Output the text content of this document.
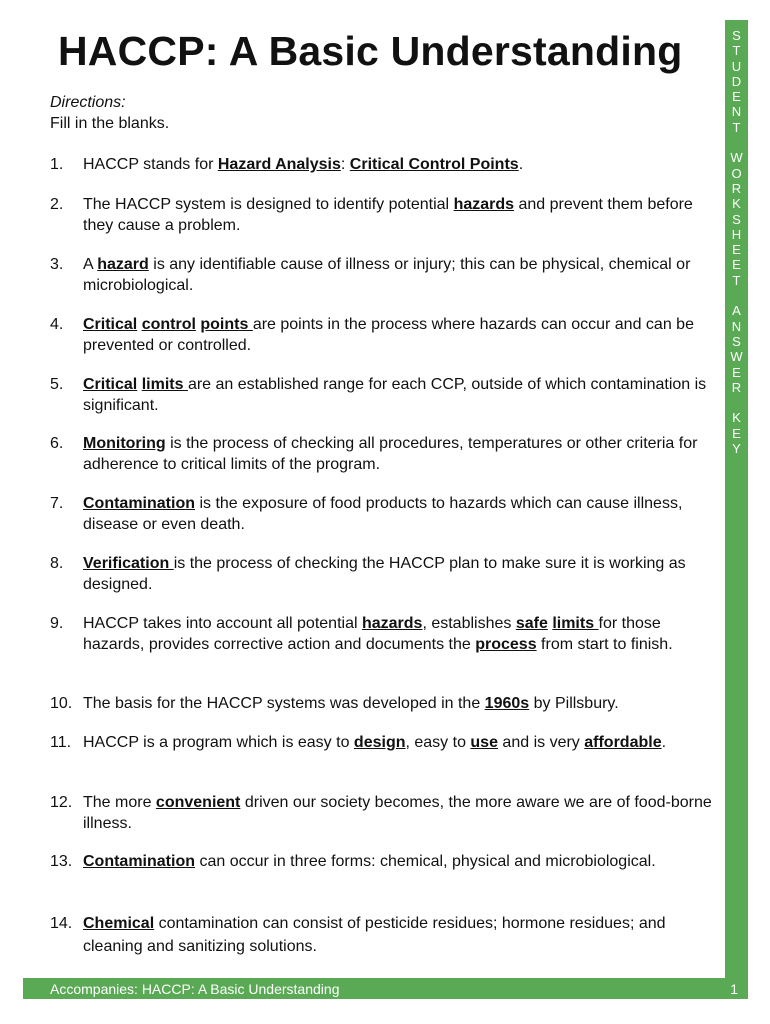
HACCP: A Basic Understanding
Directions:
Fill in the blanks.
1. HACCP stands for Hazard Analysis: Critical Control Points.
2. The HACCP system is designed to identify potential hazards and prevent them before they cause a problem.
3. A hazard is any identifiable cause of illness or injury; this can be physical, chemical or microbiological.
4. Critical control points are points in the process where hazards can occur and can be prevented or controlled.
5. Critical limits are an established range for each CCP, outside of which contamination is significant.
6. Monitoring is the process of checking all procedures, temperatures or other criteria for adherence to critical limits of the program.
7. Contamination is the exposure of food products to hazards which can cause illness, disease or even death.
8. Verification is the process of checking the HACCP plan to make sure it is working as designed.
9. HACCP takes into account all potential hazards, establishes safe limits for those hazards, provides corrective action and documents the process from start to finish.
10. The basis for the HACCP systems was developed in the 1960s by Pillsbury.
11. HACCP is a program which is easy to design, easy to use and is very affordable.
12. The more convenient driven our society becomes, the more aware we are of food-borne illness.
13. Contamination can occur in three forms: chemical, physical and microbiological.
14. Chemical contamination can consist of pesticide residues; hormone residues; and cleaning and sanitizing solutions.
S
T
U
D
E
N
T
W
O
R
K
S
H
E
E
T
A
N
S
W
E
R
K
E
Y
Accompanies: HACCP: A Basic Understanding	1
